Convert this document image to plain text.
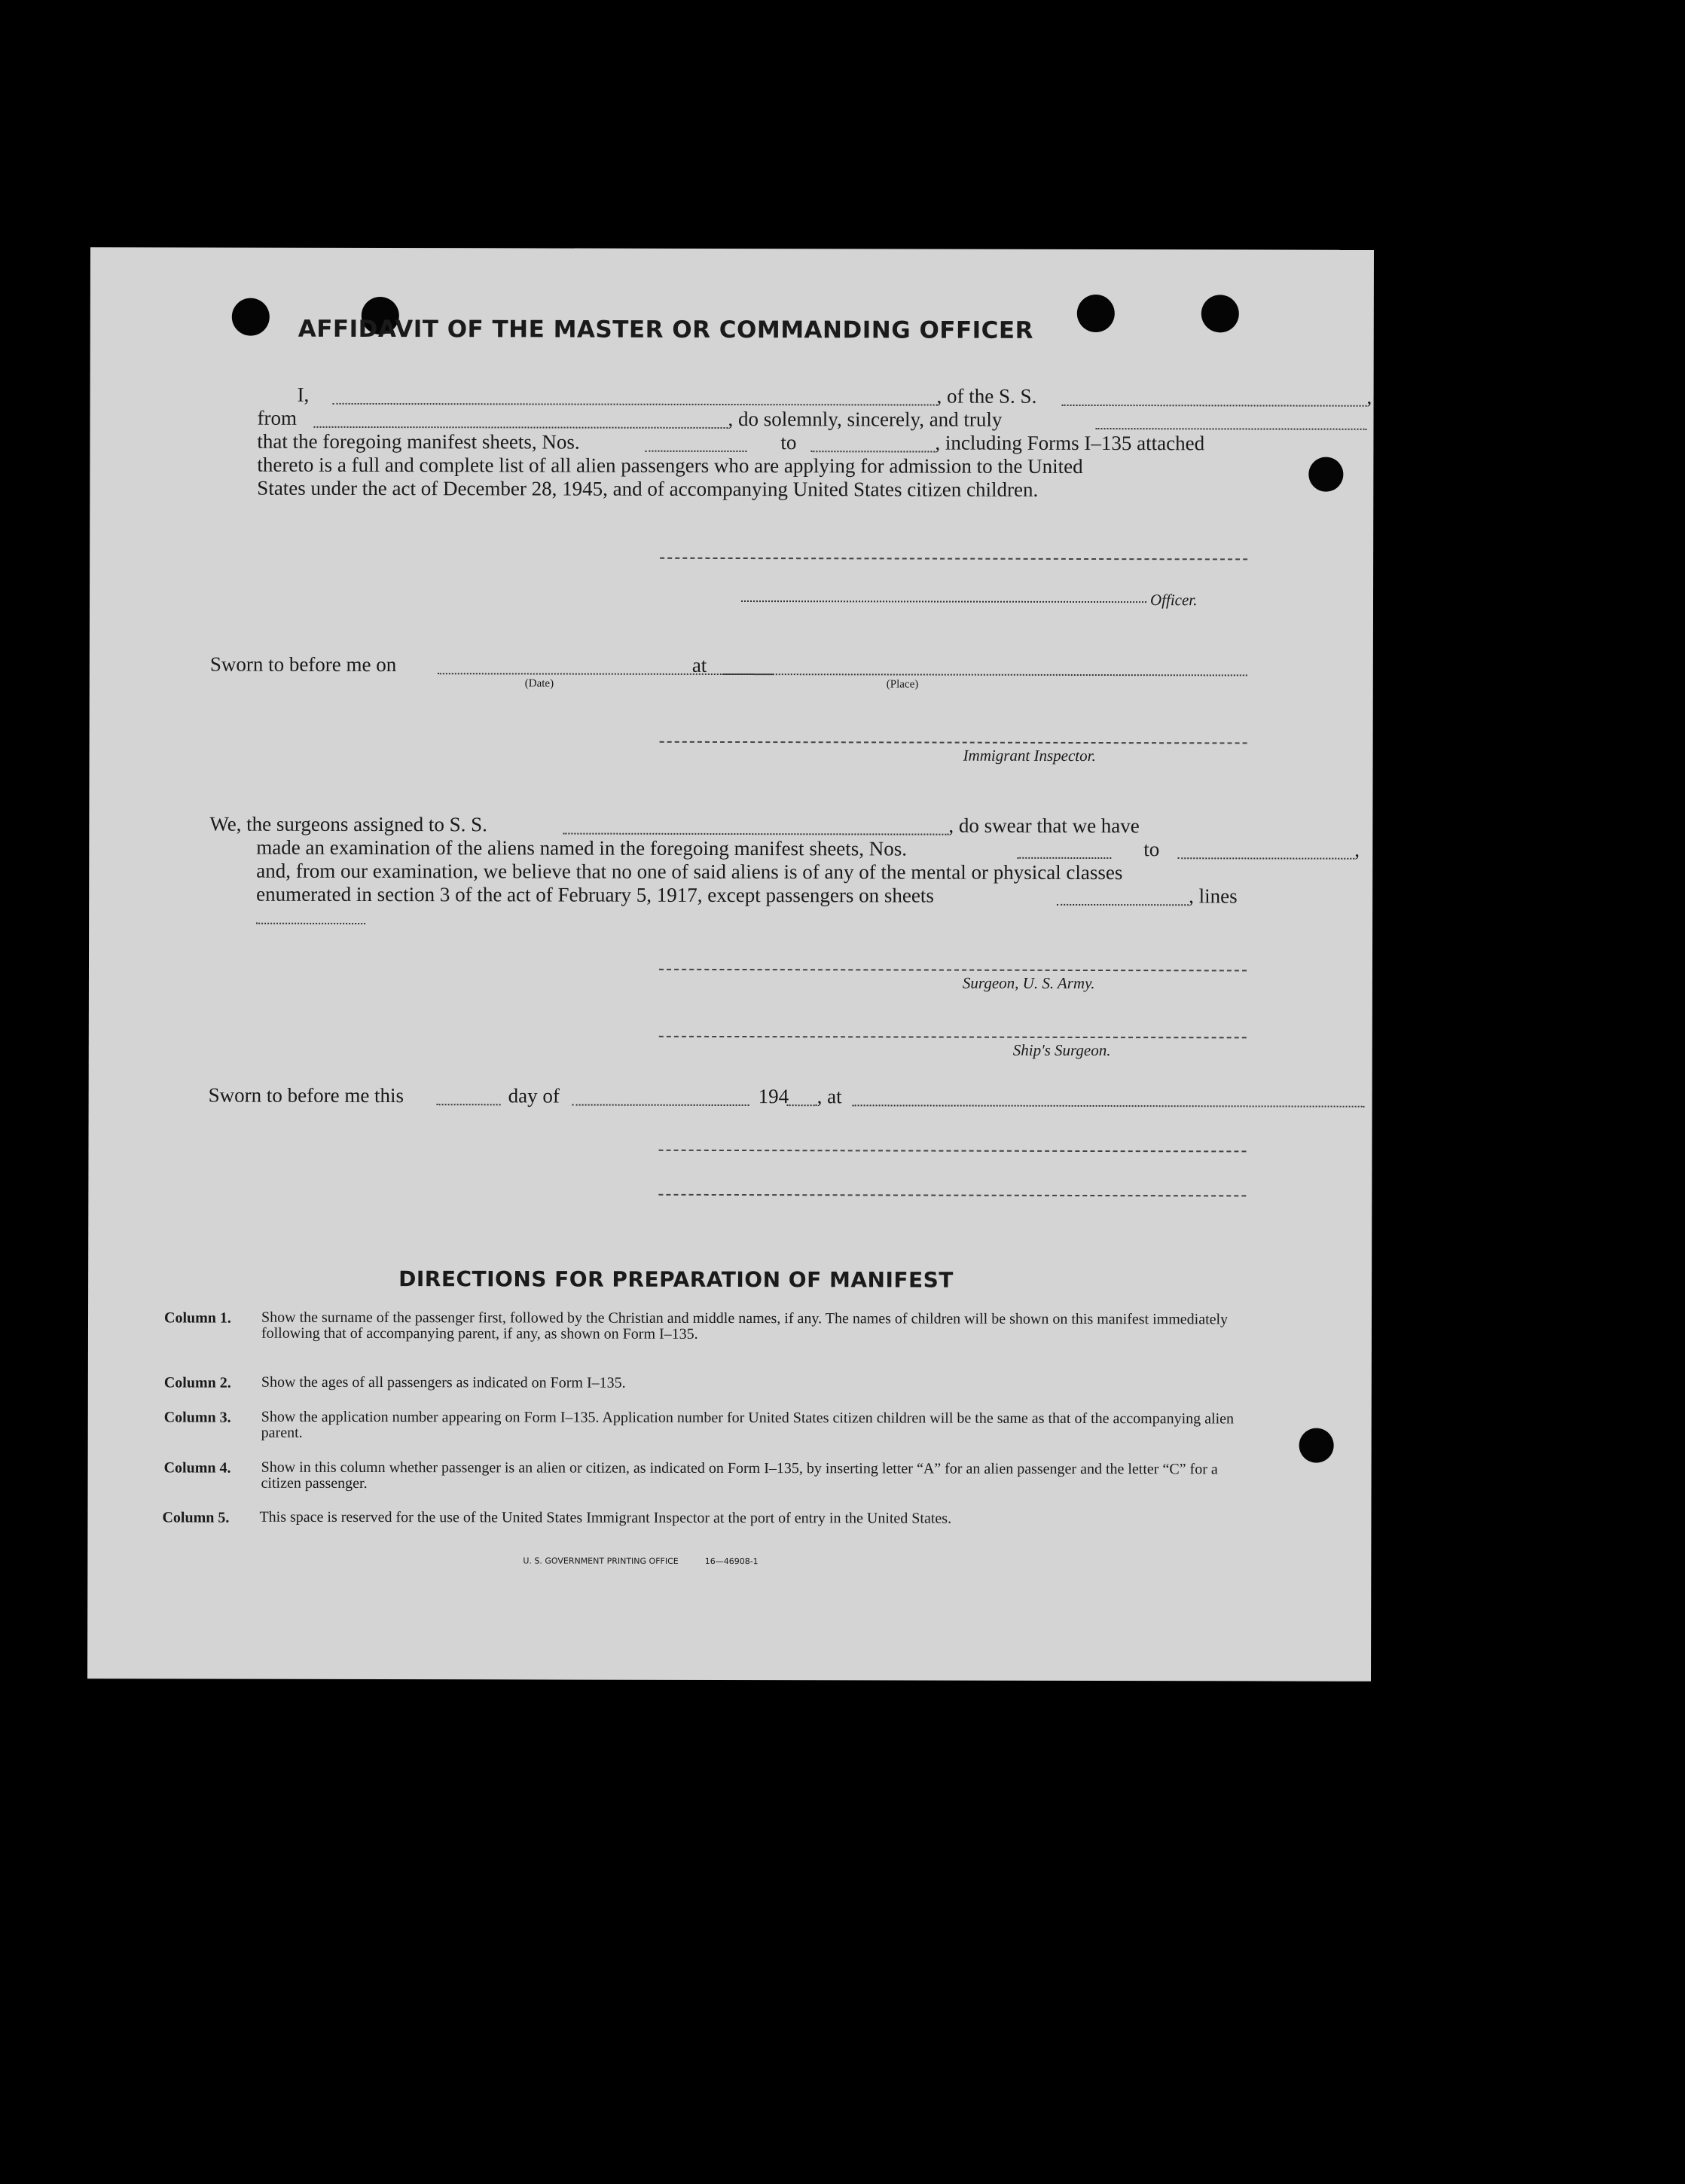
AFFIDAVIT OF THE MASTER OR COMMANDING OFFICER
I,	, of the S. S.	,
from	, do solemnly, sincerely, and truly
that the foregoing manifest sheets, Nos.	to	, including Forms I–135 attached
thereto is a full and complete list of all alien passengers who are applying for admission to the United
States under the act of December 28, 1945, and of accompanying United States citizen children.
Officer.
Sworn to before me on	at
(Date)	(Place)
Immigrant Inspector.
We, the surgeons assigned to S. S.	, do swear that we have
made an examination of the aliens named in the foregoing manifest sheets, Nos.	to	,
and, from our examination, we believe that no one of said aliens is of any of the mental or physical classes
enumerated in section 3 of the act of February 5, 1917, except passengers on sheets	, lines
Surgeon, U. S. Army.
Ship's Surgeon.
Sworn to before me this	day of	194 , at
DIRECTIONS FOR PREPARATION OF MANIFEST
Column 1. Show the surname of the passenger first, followed by the Christian and middle names, if any. The names of children will be shown on this manifest immediately following that of accompanying parent, if any, as shown on Form I–135.
Column 2. Show the ages of all passengers as indicated on Form I–135.
Column 3. Show the application number appearing on Form I–135. Application number for United States citizen children will be the same as that of the accompanying alien parent.
Column 4. Show in this column whether passenger is an alien or citizen, as indicated on Form I–135, by inserting letter “A” for an alien passenger and the letter “C” for a citizen passenger.
Column 5. This space is reserved for the use of the United States Immigrant Inspector at the port of entry in the United States.
U. S. GOVERNMENT PRINTING OFFICE	16—46908-1
